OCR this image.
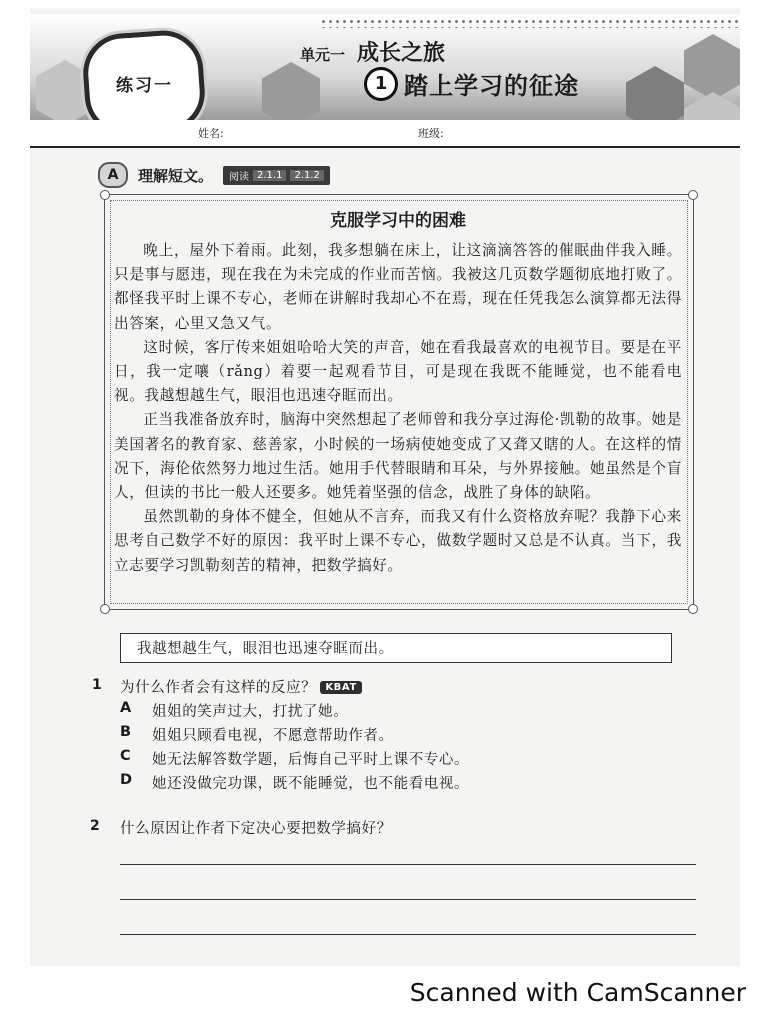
练习一
单元一 成长之旅
1 踏上学习的征途
姓名:	班级:
A	理解短文。 阅读 2.1.1	2.1.2
克服学习中的困难

晚上，屋外下着雨。此刻，我多想躺在床上，让这滴滴答答的催眠曲伴我入睡。只是事与愿违，现在我在为未完成的作业而苦恼。我被这几页数学题彻底地打败了。都怪我平时上课不专心，老师在讲解时我却心不在焉，现在任凭我怎么演算都无法得出答案，心里又急又气。

这时候，客厅传来姐姐哈哈大笑的声音，她在看我最喜欢的电视节目。要是在平日，我一定嚷（rǎng）着要一起观看节目，可是现在我既不能睡觉，也不能看电视。我越想越生气，眼泪也迅速夺眶而出。

正当我准备放弃时，脑海中突然想起了老师曾和我分享过海伦·凯勒的故事。她是美国著名的教育家、慈善家，小时候的一场病使她变成了又聋又瞎的人。在这样的情况下，海伦依然努力地过生活。她用手代替眼睛和耳朵，与外界接触。她虽然是个盲人，但读的书比一般人还要多。她凭着坚强的信念，战胜了身体的缺陷。

虽然凯勒的身体不健全，但她从不言弃，而我又有什么资格放弃呢？我静下心来思考自己数学不好的原因：我平时上课不专心，做数学题时又总是不认真。当下，我立志要学习凯勒刻苦的精神，把数学搞好。

我越想越生气，眼泪也迅速夺眶而出。
1 为什么作者会有这样的反应？ KBAT
A 姐姐的笑声过大，打扰了她。
B 姐姐只顾看电视，不愿意帮助作者。
C	她无法解答数学题，后悔自己平时上课不专心。
D 她还没做完功课，既不能睡觉，也不能看电视。
2 什么原因让作者下定决心要把数学搞好？
Scanned with CamScanner
